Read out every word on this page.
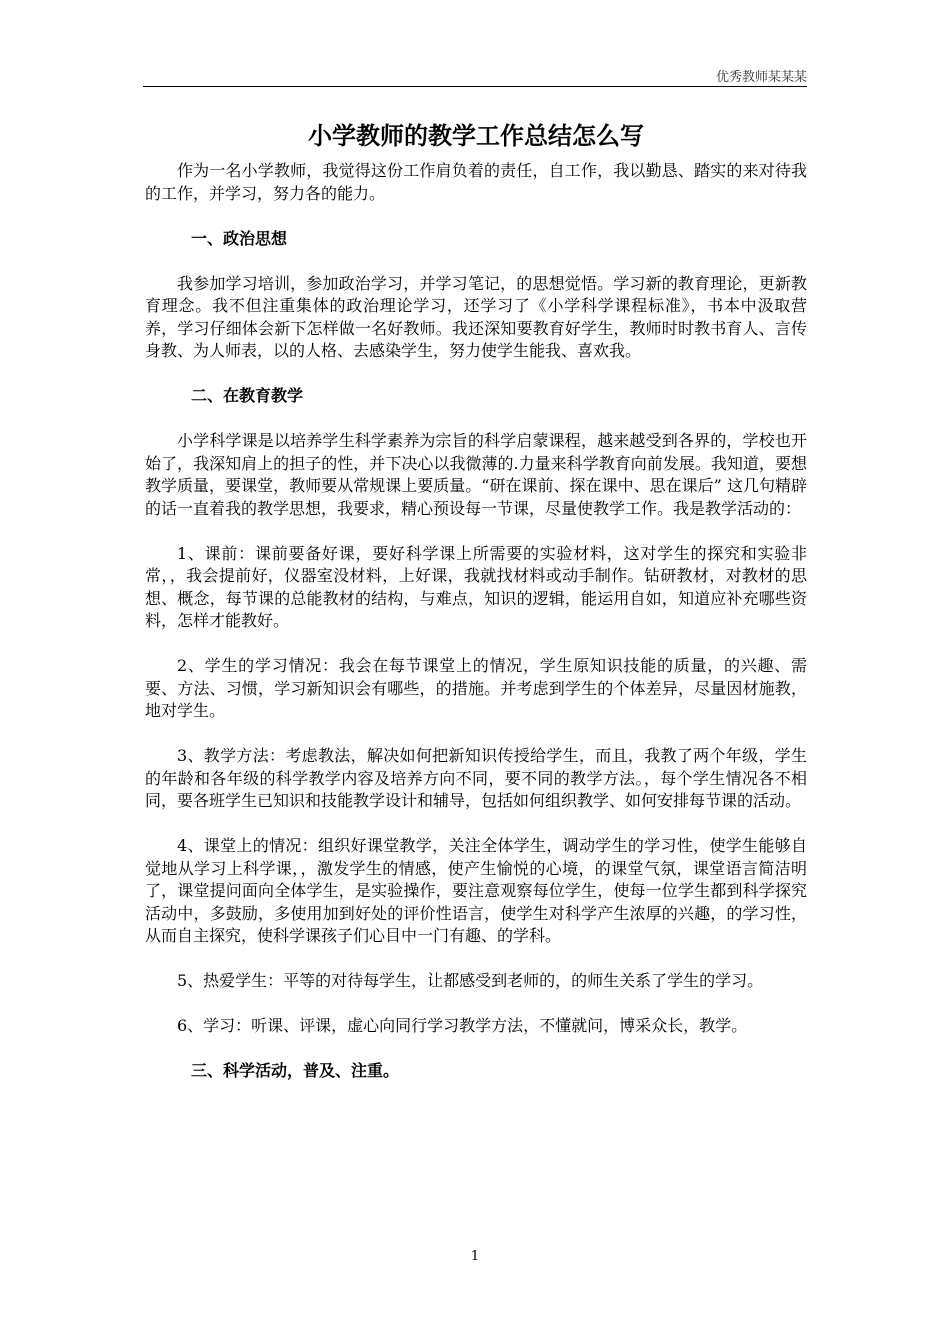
优秀教师某某某
小学教师的教学工作总结怎么写

作为一名小学教师，我觉得这份工作肩负着的责任，自工作，我以勤恳、踏实的来对待我的工作，并学习，努力各的能力。

一、政治思想

我参加学习培训，参加政治学习，并学习笔记，的思想觉悟。学习新的教育理论，更新教育理念。我不但注重集体的政治理论学习，还学习了《小学科学课程标准》，书本中汲取营养，学习仔细体会新下怎样做一名好教师。我还深知要教育好学生，教师时时教书育人、言传身教、为人师表，以的人格、去感染学生，努力使学生能我、喜欢我。

二、在教育教学

小学科学课是以培养学生科学素养为宗旨的科学启蒙课程，越来越受到各界的，学校也开始了，我深知肩上的担子的性，并下决心以我微薄的.力量来科学教育向前发展。我知道，要想教学质量，要课堂，教师要从常规课上要质量。“研在课前、探在课中、思在课后” 这几句精辟的话一直着我的教学思想，我要求，精心预设每一节课，尽量使教学工作。我是教学活动的：

1、课前：课前要备好课，要好科学课上所需要的实验材料，这对学生的探究和实验非常，，我会提前好，仪器室没材料，上好课，我就找材料或动手制作。钻研教材，对教材的思想、概念，每节课的总能教材的结构，与难点，知识的逻辑，能运用自如，知道应补充哪些资料，怎样才能教好。

2、学生的学习情况：我会在每节课堂上的情况，学生原知识技能的质量，的兴趣、需要、方法、习惯，学习新知识会有哪些，的措施。并考虑到学生的个体差异，尽量因材施教，地对学生。

3、教学方法：考虑教法，解决如何把新知识传授给学生，而且，我教了两个年级，学生的年龄和各年级的科学教学内容及培养方向不同，要不同的教学方法。，每个学生情况各不相同，要各班学生已知识和技能教学设计和辅导，包括如何组织教学、如何安排每节课的活动。

4、课堂上的情况：组织好课堂教学，关注全体学生，调动学生的学习性，使学生能够自觉地从学习上科学课，，激发学生的情感，使产生愉悦的心境，的课堂气氛，课堂语言简洁明了，课堂提问面向全体学生，是实验操作，要注意观察每位学生，使每一位学生都到科学探究活动中，多鼓励，多使用加到好处的评价性语言，使学生对科学产生浓厚的兴趣，的学习性，从而自主探究，使科学课孩子们心目中一门有趣、的学科。

5、热爱学生：平等的对待每学生，让都感受到老师的，的师生关系了学生的学习。

6、学习：听课、评课，虚心向同行学习教学方法，不懂就问，博采众长，教学。

三、科学活动，普及、注重。
1
